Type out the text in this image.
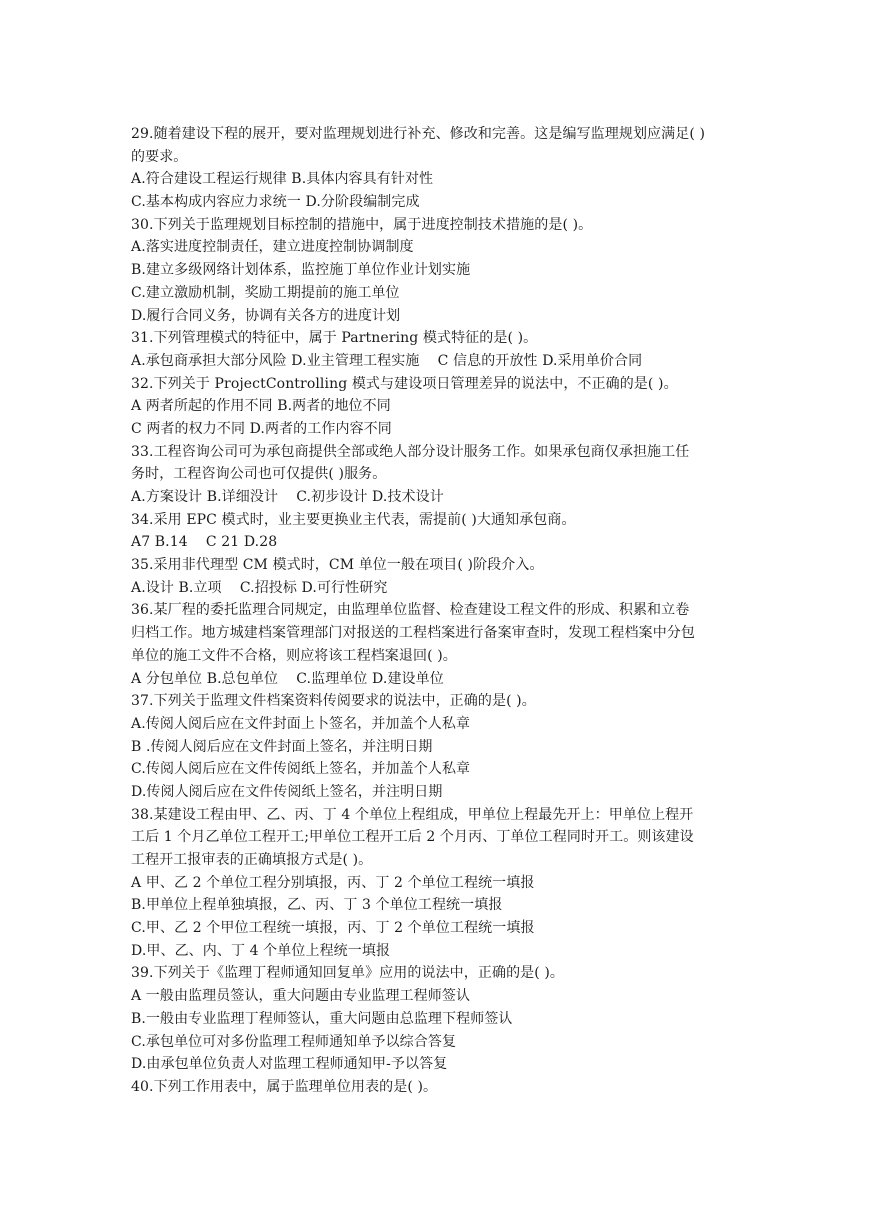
29.随着建设下程的展开，要对监理规划进行补充、修改和完善。这是编写监理规划应满足( )
的要求。
A.符合建设工程运行规律 B.具体内容具有针对性
C.基本构成内容应力求统一 D.分阶段编制完成
30.下列关于监理规划目标控制的措施中，属于进度控制技术措施的是( )。
A.落实进度控制责任，建立进度控制协调制度
B.建立多级网络计划体系，监控施丁单位作业计划实施
C.建立激励机制，奖励工期提前的施工单位
D.履行合同义务，协调有关各方的进度计划
31.下列管理模式的特征中，属于 Partnering 模式特征的是( )。
A.承包商承担大部分风险 D.业主管理工程实施    C 信息的开放性 D.采用单价合同
32.下列关于 ProjectControlling 模式与建设项日管理差异的说法中，不正确的是( )。
A 两者所起的作用不同 B.两者的地位不同
C 两者的权力不同 D.两者的工作内容不同
33.工程咨询公司可为承包商提供全部或绝人部分设计服务工作。如果承包商仅承担施工任
务时，工程咨询公司也可仅提供( )服务。
A.方案设计 B.详细没计    C.初步设计 D.技术设计
34.采用 EPC 模式时，业主要更换业主代表，需提前( )大通知承包商。
A7 B.14    C 21 D.28
35.采用非代理型 CM 模式时，CM 单位一般在项目( )阶段介入。
A.设计 B.立项    C.招投标 D.可行性研究
36.某厂程的委托监理合同规定，由监理单位监督、检查建设工程文件的形成、积累和立卷
归档工作。地方城建档案管理部门对报送的工程档案进行备案审查时，发现工程档案中分包
单位的施工文件不合格，则应将该工程档案退回( )。
A 分包单位 B.总包单位    C.监理单位 D.建设单位
37.下列关于监理文件档案资料传阅要求的说法中，正确的是( )。
A.传阅人阅后应在文件封面上卜签名，并加盖个人私章
B .传阅人阅后应在文件封面上签名，并注明日期
C.传阅人阅后应在文件传阅纸上签名，并加盖个人私章
D.传阅人阅后应在文件传阅纸上签名，并注明日期
38.某建设工程由甲、乙、丙、丁 4 个单位上程组成，甲单位上程最先开上：甲单位上程开
工后 1 个月乙单位工程开工;甲单位工程开工后 2 个月丙、丁单位工程同时开工。则该建设
工程开工报审表的正确填报方式是( )。
A 甲、乙 2 个单位工程分别填报，丙、丁 2 个单位工程统一填报
B.甲单位上程单独填报，乙、丙、丁 3 个单位工程统一填报
C.甲、乙 2 个甲位工程统一填报，丙、丁 2 个单位工程统一填报
D.甲、乙、内、丁 4 个单位上程统一填报
39.下列关于《监理丁程师通知回复单》应用的说法中，正确的是( )。
A 一般由监理员签认，重大问题由专业监理工程师签认
B.一般由专业监理丁程师签认，重大问题由总监理下程师签认
C.承包单位可对多份监理工程师通知单予以综合答复
D.由承包单位负责人对监理工程师通知甲-予以答复
40.下列工作用表中，属于监理单位用表的是( )。
